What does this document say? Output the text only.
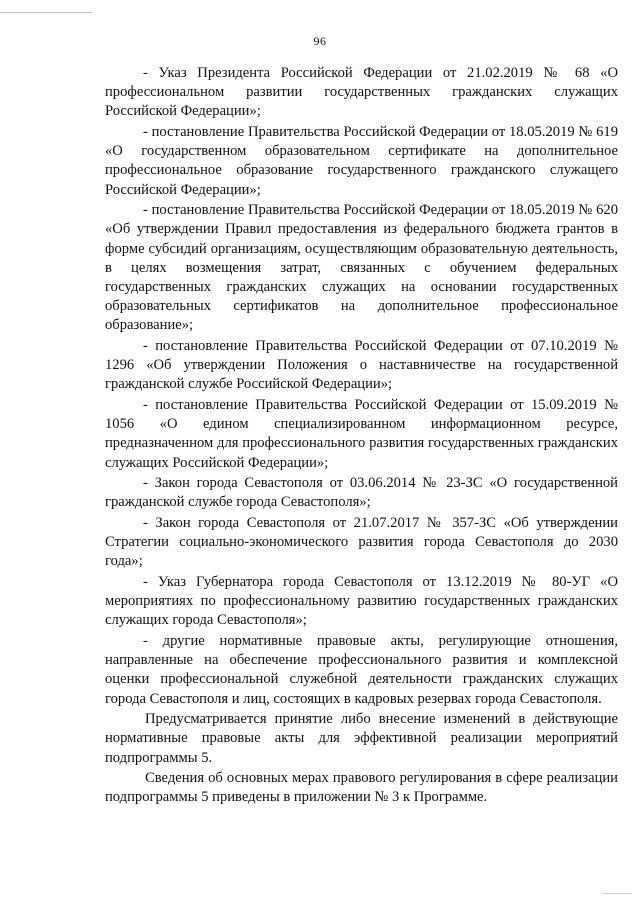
96

- Указ Президента Российской Федерации от 21.02.2019 № 68 «О профессиональном развитии государственных гражданских служащих Российской Федерации»;

- постановление Правительства Российской Федерации от 18.05.2019 № 619 «О государственном образовательном сертификате на дополнительное профессиональное образование государственного гражданского служащего Российской Федерации»;

- постановление Правительства Российской Федерации от 18.05.2019 № 620 «Об утверждении Правил предоставления из федерального бюджета грантов в форме субсидий организациям, осуществляющим образовательную деятельность, в целях возмещения затрат, связанных с обучением федеральных государственных гражданских служащих на основании государственных образовательных сертификатов на дополнительное профессиональное образование»;

- постановление Правительства Российской Федерации от 07.10.2019 № 1296 «Об утверждении Положения о наставничестве на государственной гражданской службе Российской Федерации»;

- постановление Правительства Российской Федерации от 15.09.2019 № 1056 «О едином специализированном информационном ресурсе, предназначенном для профессионального развития государственных гражданских служащих Российской Федерации»;

- Закон города Севастополя от 03.06.2014 № 23-ЗС «О государственной гражданской службе города Севастополя»;

- Закон города Севастополя от 21.07.2017 № 357-ЗС «Об утверждении Стратегии социально-экономического развития города Севастополя до 2030 года»;

- Указ Губернатора города Севастополя от 13.12.2019 № 80-УГ «О мероприятиях по профессиональному развитию государственных гражданских служащих города Севастополя»;

- другие нормативные правовые акты, регулирующие отношения, направленные на обеспечение профессионального развития и комплексной оценки профессиональной служебной деятельности гражданских служащих города Севастополя и лиц, состоящих в кадровых резервах города Севастополя.

Предусматривается принятие либо внесение изменений в действующие нормативные правовые акты для эффективной реализации мероприятий подпрограммы 5.

Сведения об основных мерах правового регулирования в сфере реализации подпрограммы 5 приведены в приложении № 3 к Программе.
